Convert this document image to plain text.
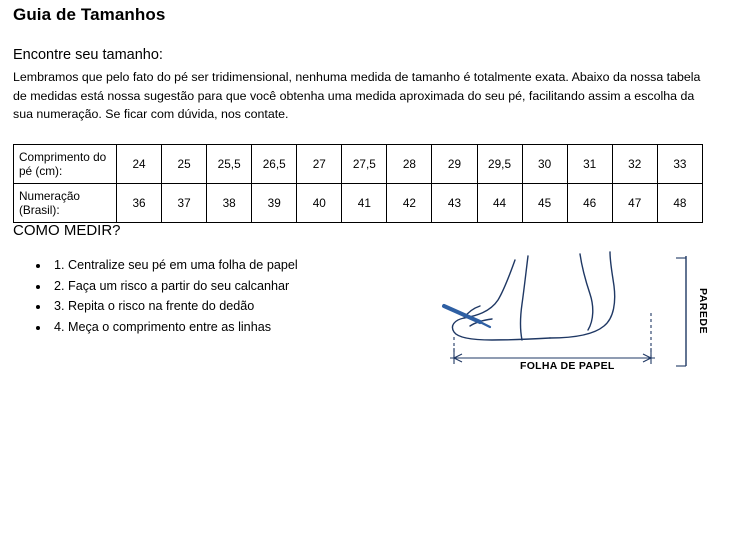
Guia de Tamanhos
Encontre seu tamanho:
Lembramos que pelo fato do pé ser tridimensional, nenhuma medida de tamanho é totalmente exata. Abaixo da nossa tabela de medidas está nossa sugestão para que você obtenha uma medida aproximada do seu pé, facilitando assim a escolha da sua numeração. Se ficar com dúvida, nos contate.
Comprimento do pé (cm):	24	25	25,5	26,5	27	27,5	28	29	29,5	30	31	32	33
Numeração (Brasil):	36	37	38	39	40	41	42	43	44	45	46	47	48
COMO MEDIR?
• 1. Centralize seu pé em uma folha de papel
• 2. Faça um risco a partir do seu calcanhar
• 3. Repita o risco na frente do dedão
• 4. Meça o comprimento entre as linhas
FOLHA DE PAPEL
PAREDE
